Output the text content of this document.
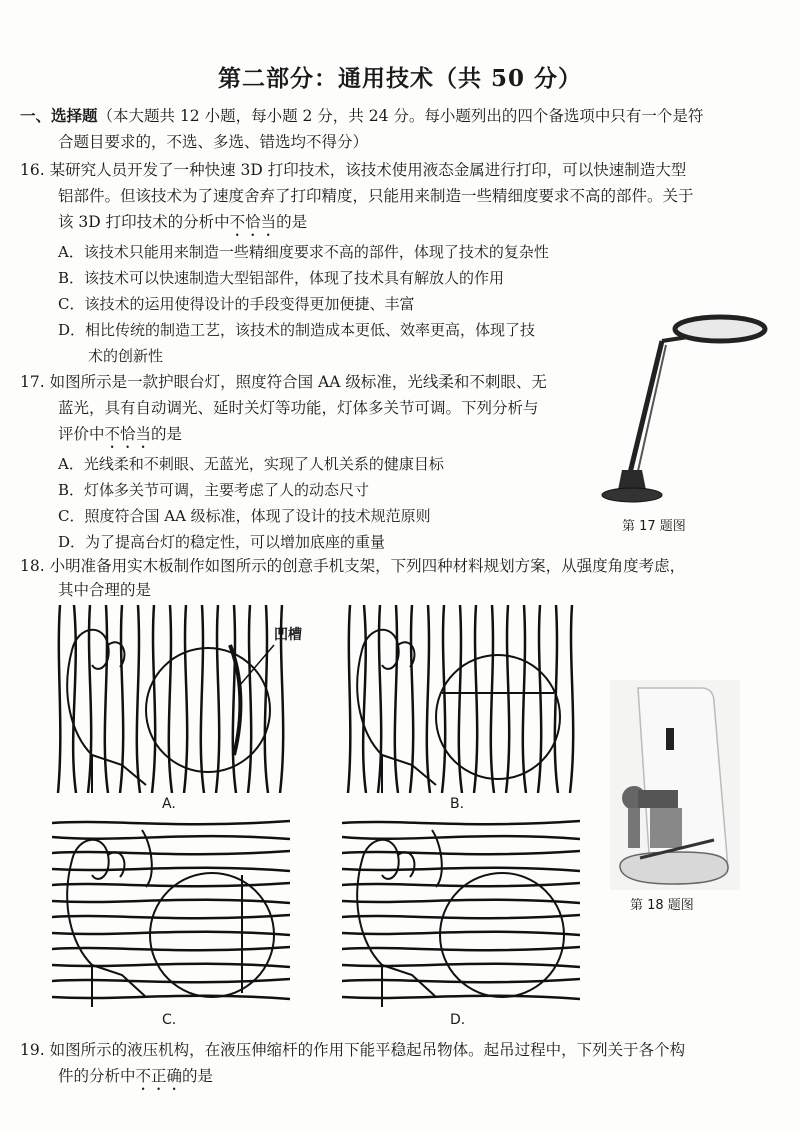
第二部分：通用技术（共 50 分）
一、选择题（本大题共 12 小题，每小题 2 分，共 24 分。每小题列出的四个备选项中只有一个是符
合题目要求的，不选、多选、错选均不得分）
16. 某研究人员开发了一种快速 3D 打印技术，该技术使用液态金属进行打印，可以快速制造大型
铝部件。但该技术为了速度舍弃了打印精度，只能用来制造一些精细度要求不高的部件。关于
该 3D 打印技术的分析中不恰当的是
A．该技术只能用来制造一些精细度要求不高的部件，体现了技术的复杂性
B．该技术可以快速制造大型铝部件，体现了技术具有解放人的作用
C．该技术的运用使得设计的手段变得更加便捷、丰富
D．相比传统的制造工艺，该技术的制造成本更低、效率更高，体现了技
术的创新性
17. 如图所示是一款护眼台灯，照度符合国 AA 级标准，光线柔和不刺眼、无
蓝光，具有自动调光、延时关灯等功能，灯体多关节可调。下列分析与
评价中不恰当的是
A．光线柔和不刺眼、无蓝光，实现了人机关系的健康目标
B．灯体多关节可调，主要考虑了人的动态尺寸
C．照度符合国 AA 级标准，体现了设计的技术规范原则
D．为了提高台灯的稳定性，可以增加底座的重量
第 17 题图
18. 小明准备用实木板制作如图所示的创意手机支架，下列四种材料规划方案，从强度角度考虑，
其中合理的是
凹槽
A.	B.
C.	D.
第 18 题图
19. 如图所示的液压机构，在液压伸缩杆的作用下能平稳起吊物体。起吊过程中，下列关于各个构
件的分析中不正确的是
